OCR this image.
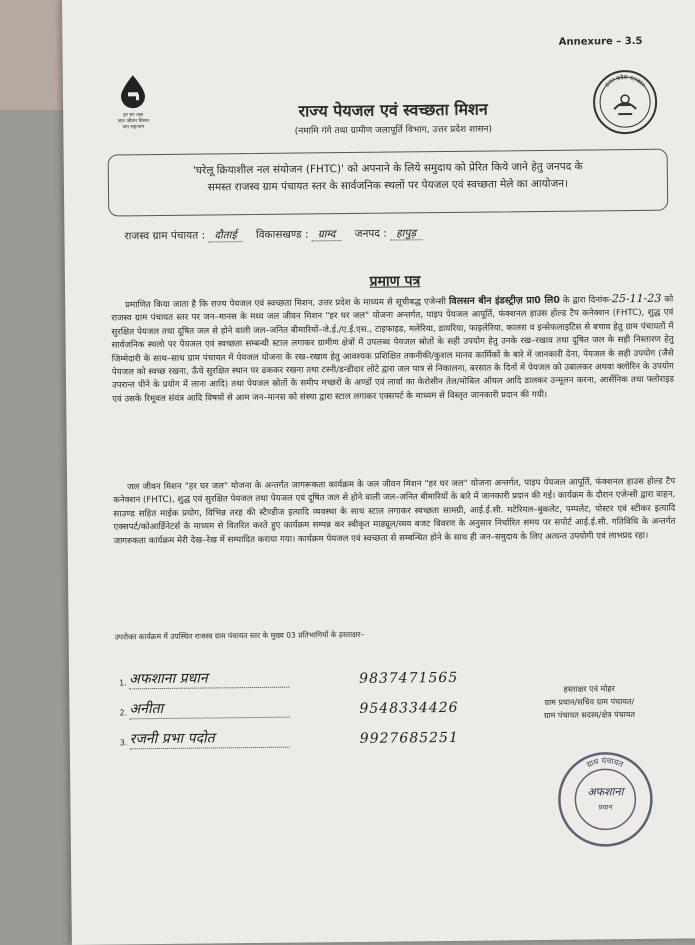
Annexure – 3.5
हर घर जल
जल जीवन मिशन
जन सहभाग
उत्तर प्रदेश सरकार
राज्य पेयजल एवं स्वच्छता मिशन
(नमामि गंगे तथा ग्रामीण जलापूर्ति विभाग, उत्तर प्रदेश शासन)
'घरेलू क्रियाशील नल संयोजन (FHTC)' को अपनाने के लिये समुदाय को प्रेरित किये जाने हेतु जनपद के
समस्त राजस्व ग्राम पंचायत स्तर के सार्वजनिक स्थलों पर पेयजल एवं स्वच्छता मेले का आयोजन।
राजस्व ग्राम पंचायत : दौताई विकासखण्ड : ग्राम्द जनपद : हापुड़
प्रमाण पत्र
प्रमाणित किया जाता है कि राज्य पेयजल एवं स्वच्छता मिशन, उत्तर प्रदेश के माध्यम से सूचीबद्ध एजेन्सी विलसन बीन इंडस्ट्रीज़ प्रा0 लि0 के द्वारा दिनांक-25-11-23 को राजस्व ग्राम पंचायत स्तर पर जन–मानस के मध्य जल जीवन मिशन "हर घर जल" योजना अन्तर्गत, पाइप पेयजल आपूर्ति, फंक्शनल हाउस होल्ड टैप कनेक्शन (FHTC), शुद्ध एवं सुरक्षित पेयजल तथा दूषित जल से होने वाली जल–जनित बीमारियों–जे.ई./ए.ई.एस., टाइफाइड, मलेरिया, डायरिया, फाइलेरिया, कालरा व इन्सेफलाइटिस से बचाव हेतु ग्राम पंचायतों में सार्वजनिक स्थलो पर पेयजल एवं स्वच्छता सम्बन्धी स्टाल लगाकर ग्रामीण क्षेत्रों में उपलब्ध पेयजल स्रोतों के सही उपयोग हेतु उनके रख–रखाव तथा दूषित जल के सही निस्तारण हेतु जिम्मेदारी के साथ–साथ ग्राम पंचायत में पेयजल योजना के रख–रखाव हेतु आवश्यक प्रशिक्षित तकनीकी/कुशल मानव कार्मिकों के बारे में जानकारी देना, पेयजल के सही उपयोग (जैसे पेयजल को स्वच्छ रखना, ऊँचे सुरक्षित स्थान पर ढककर रखना तथा टस्नी/डन्डीदार लोटे द्वारा जल पात्र से निकालना, बरसात के दिनों में पेयजल को उबालकर अथवा क्लोरिन के उपयोग उपरान्त पीने के प्रयोग में लाना आदि) तथा पेयजल स्रोतों के समीप मच्छरों के अण्डों एवं लार्वा का केरोसीन तेल/मोबिल ऑयल आदि डालकर उन्मूलन करना, आर्सेनिक तथा फ्लोराइड एवं उसके रिमूवल संयंत्र आदि विषयों से आम जन–मानस को संस्था द्वारा स्टाल लगाकर एक्सपर्ट के माध्यम से विस्तृत जानकारी प्रदान की गयी।
जल जीवन मिशन "हर घर जल" योजना के अन्तर्गत जागरूकता कार्यक्रम के जल जीवन मिशन "हर घर जल" योजना अन्तर्गत, पाइप पेयजल आपूर्ति, फंक्शनल हाउस होल्ड टैप कनेक्शन (FHTC), शुद्ध एवं सुरक्षित पेयजल तथा पेयजल एवं दूषित जल से होने वाली जल–जनित बीमारियों के बारे में जानकारी प्रदान की गई। कार्यक्रम के दौरान एजेन्सी द्वारा वाहन, साउण्ड सहित माईक प्रयोग, विभिन्न तरह की स्टैण्डीज इत्यादि व्यवस्था के साथ स्टाल लगाकर स्वच्छता सामग्री, आई.ई.सी. मटेरियल–बुकलेट, पम्पलेट, पोस्टर एवं स्टीकर इत्यादि एक्सपर्ट/कोआर्डिनेटर्स के माध्यम से वितरित करते हुए कार्यक्रम सम्पन्न कर स्वीकृत माड्यूल/व्यय बजट विवरण के अनुसार निर्धारित समय पर सपोर्ट आई.ई.सी. गतिविधि के अन्तर्गत जागरुकता कार्यक्रम मेरी देख–रेख में सम्पादित कराया गया। कार्यक्रम पेयजल एवं स्वच्छता से सम्बन्धित होने के साथ ही जन–समुदाय के लिए अत्यन्त उपयोगी एवं लाभप्रद रहा।
उपरोक्त कार्यक्रम में उपस्थित राजस्व ग्राम पंचायत स्तर के मुख्य 03 प्रतिभागियों के हस्ताक्षर–
1. अफशाना प्रधान	9837471565
2. अनीता	9548334426
3. रजनी प्रभा पदोत	9927685251
हस्ताक्षर एवं मोहर
ग्राम प्रधान/सचिव ग्राम पंचायत/
ग्राम पंचायत सदस्य/क्षेत्र पंचायत
ग्राम पंचायत
अफशाना
प्रधान
